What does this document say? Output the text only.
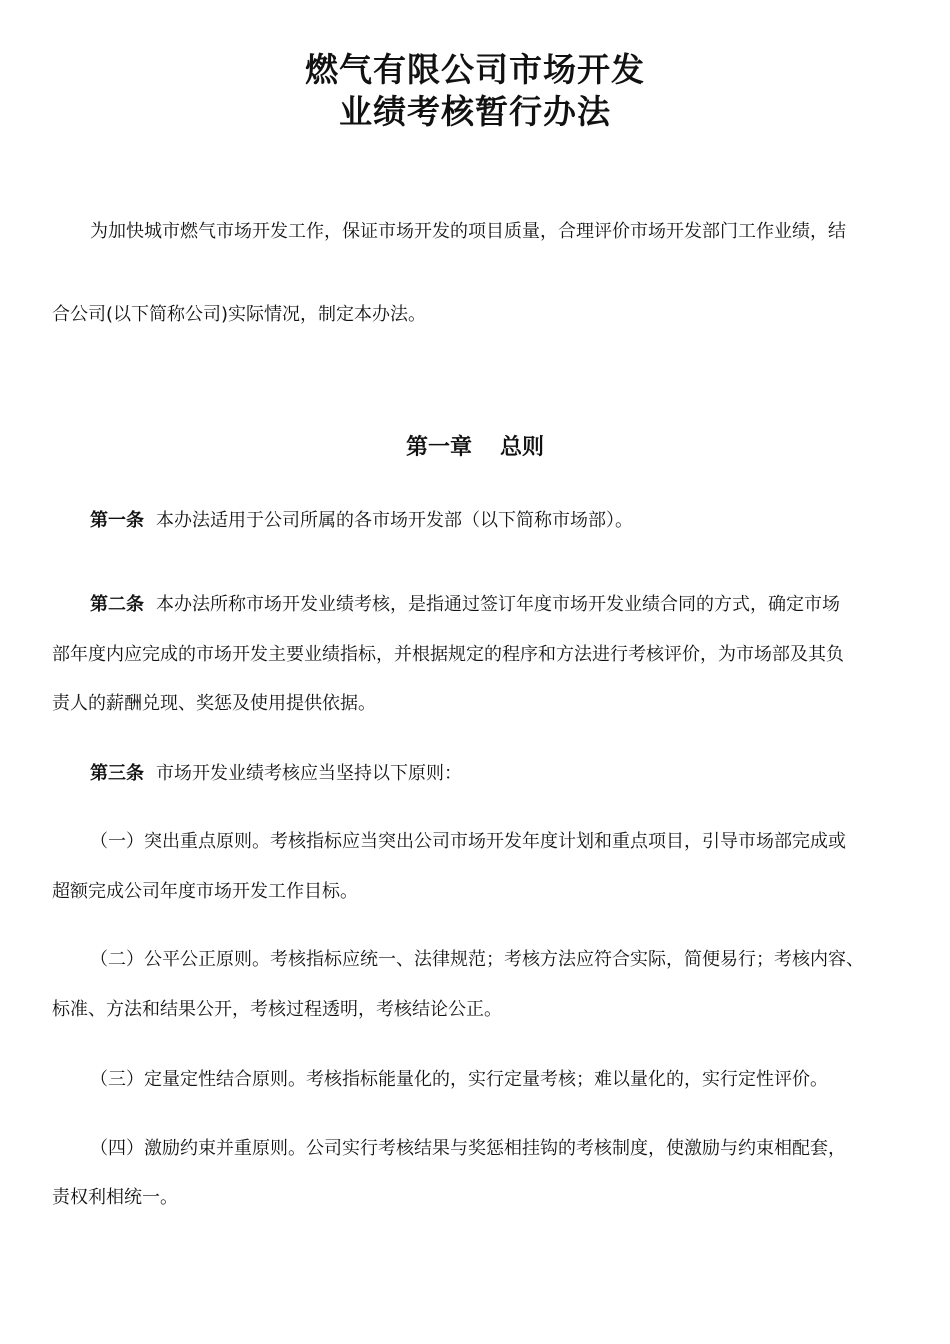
燃气有限公司市场开发
业绩考核暂行办法
为加快城市燃气市场开发工作，保证市场开发的项目质量，合理评价市场开发部门工作业绩，结
合公司(以下简称公司)实际情况，制定本办法。
第一章 总则
第一条 本办法适用于公司所属的各市场开发部（以下简称市场部）。
第二条 本办法所称市场开发业绩考核，是指通过签订年度市场开发业绩合同的方式，确定市场
部年度内应完成的市场开发主要业绩指标，并根据规定的程序和方法进行考核评价，为市场部及其负
责人的薪酬兑现、奖惩及使用提供依据。
第三条 市场开发业绩考核应当坚持以下原则：
（一）突出重点原则。考核指标应当突出公司市场开发年度计划和重点项目，引导市场部完成或
超额完成公司年度市场开发工作目标。
（二）公平公正原则。考核指标应统一、法律规范；考核方法应符合实际，简便易行；考核内容、
标准、方法和结果公开，考核过程透明，考核结论公正。
（三）定量定性结合原则。考核指标能量化的，实行定量考核；难以量化的，实行定性评价。
（四）激励约束并重原则。公司实行考核结果与奖惩相挂钩的考核制度，使激励与约束相配套，
责权利相统一。
